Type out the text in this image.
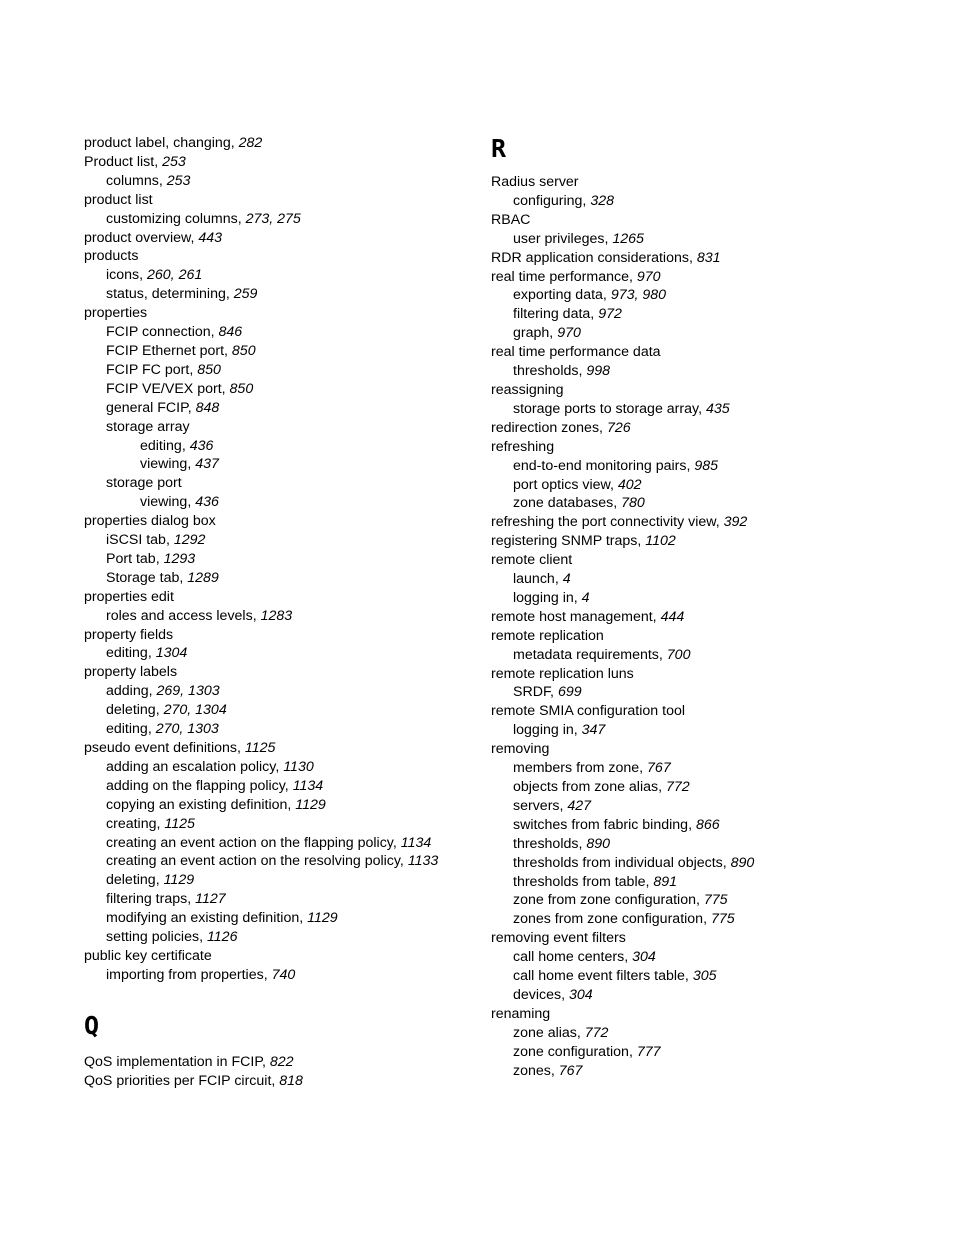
product label, changing, 282
Product list, 253
columns, 253
product list
customizing columns, 273, 275
product overview, 443
products
icons, 260, 261
status, determining, 259
properties
FCIP connection, 846
FCIP Ethernet port, 850
FCIP FC port, 850
FCIP VE/VEX port, 850
general FCIP, 848
storage array
editing, 436
viewing, 437
storage port
viewing, 436
properties dialog box
iSCSI tab, 1292
Port tab, 1293
Storage tab, 1289
properties edit
roles and access levels, 1283
property fields
editing, 1304
property labels
adding, 269, 1303
deleting, 270, 1304
editing, 270, 1303
pseudo event definitions, 1125
adding an escalation policy, 1130
adding on the flapping policy, 1134
copying an existing definition, 1129
creating, 1125
creating an event action on the flapping policy, 1134
creating an event action on the resolving policy, 1133
deleting, 1129
filtering traps, 1127
modifying an existing definition, 1129
setting policies, 1126
public key certificate
importing from properties, 740
Q
QoS implementation in FCIP, 822
QoS priorities per FCIP circuit, 818
R
Radius server
configuring, 328
RBAC
user privileges, 1265
RDR application considerations, 831
real time performance, 970
exporting data, 973, 980
filtering data, 972
graph, 970
real time performance data
thresholds, 998
reassigning
storage ports to storage array, 435
redirection zones, 726
refreshing
end-to-end monitoring pairs, 985
port optics view, 402
zone databases, 780
refreshing the port connectivity view, 392
registering SNMP traps, 1102
remote client
launch, 4
logging in, 4
remote host management, 444
remote replication
metadata requirements, 700
remote replication luns
SRDF, 699
remote SMIA configuration tool
logging in, 347
removing
members from zone, 767
objects from zone alias, 772
servers, 427
switches from fabric binding, 866
thresholds, 890
thresholds from individual objects, 890
thresholds from table, 891
zone from zone configuration, 775
zones from zone configuration, 775
removing event filters
call home centers, 304
call home event filters table, 305
devices, 304
renaming
zone alias, 772
zone configuration, 777
zones, 767
